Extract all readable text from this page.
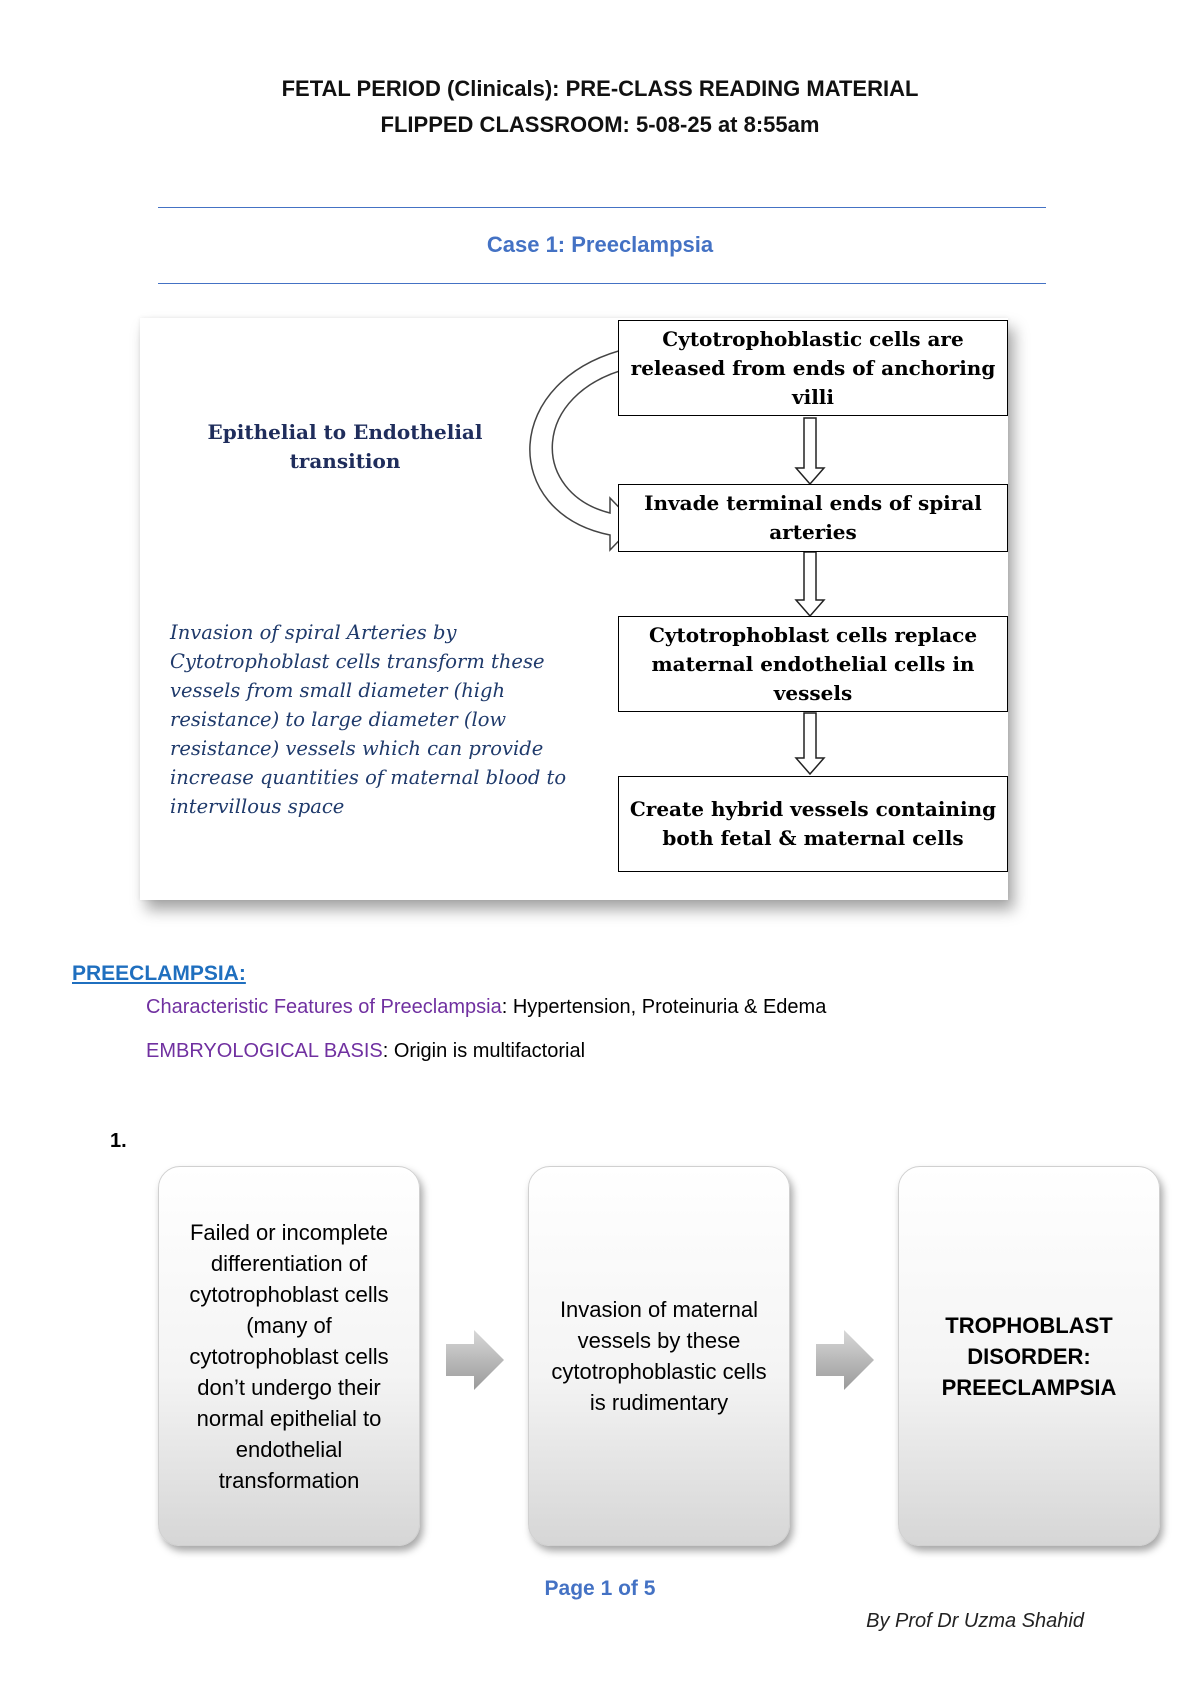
FETAL PERIOD (Clinicals): PRE-CLASS READING MATERIAL
FLIPPED CLASSROOM: 5-08-25 at 8:55am
Case 1: Preeclampsia
Cytotrophoblastic cells are released from ends of anchoring villi
Invade terminal ends of spiral arteries
Cytotrophoblast cells replace maternal endothelial cells in vessels
Create hybrid vessels containing both fetal & maternal cells
Epithelial to Endothelial transition
Invasion of spiral Arteries by Cytotrophoblast cells transform these vessels from small diameter (high resistance) to large diameter (low resistance) vessels which can provide increase quantities of maternal blood to intervillous space
PREECLAMPSIA:
Characteristic Features of Preeclampsia: Hypertension, Proteinuria & Edema
EMBRYOLOGICAL BASIS: Origin is multifactorial
1.
Failed or incomplete differentiation of cytotrophoblast cells (many of cytotrophoblast cells don’t undergo their normal epithelial to endothelial transformation
Invasion of maternal vessels by these cytotrophoblastic cells is rudimentary
TROPHOBLAST DISORDER: PREECLAMPSIA
Page 1 of 5
By Prof Dr Uzma Shahid
